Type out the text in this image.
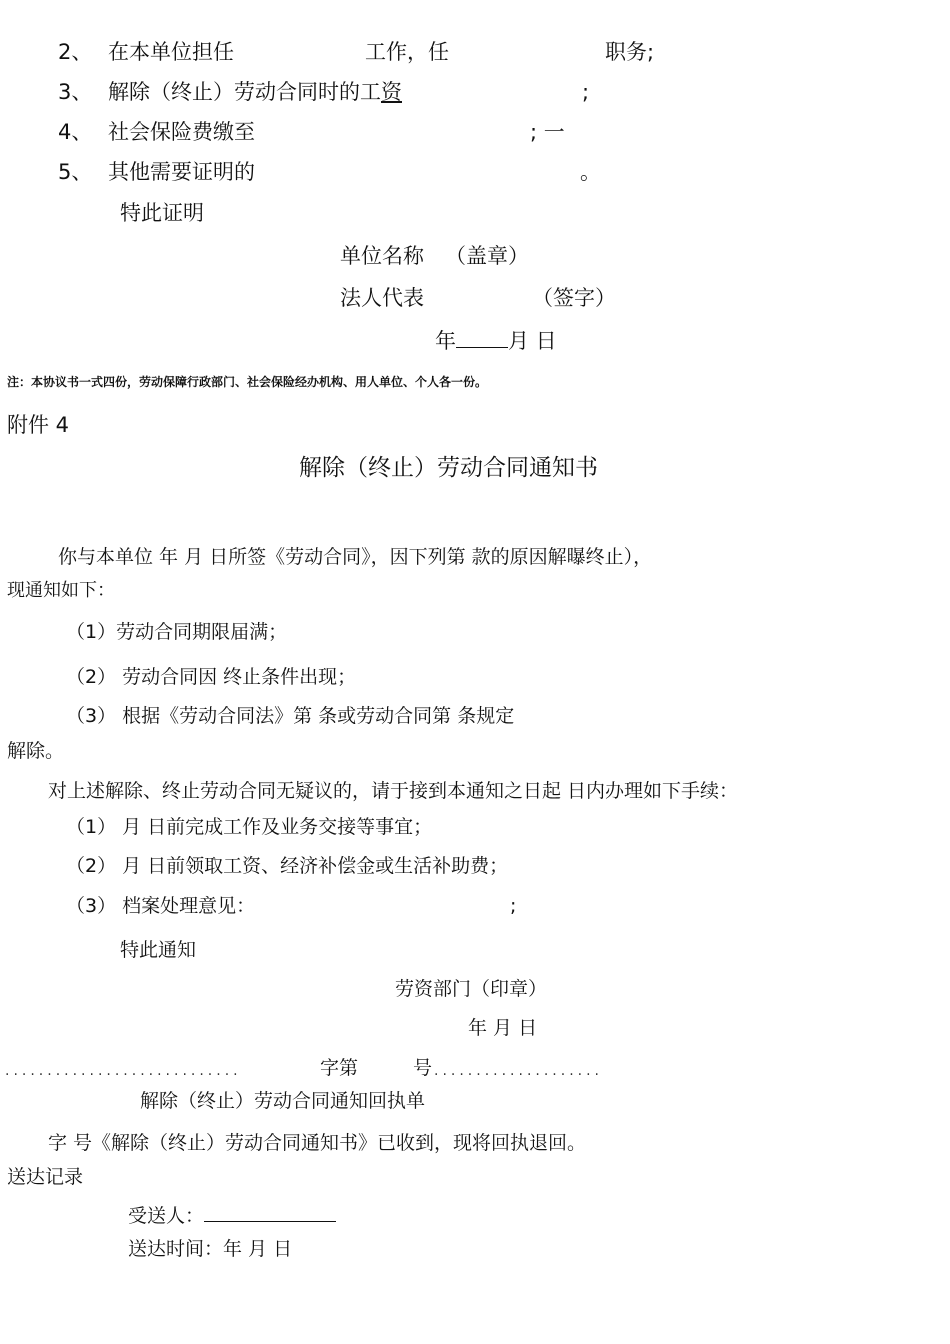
2、 在本单位担任	工作，任	职务;
3、 解除（终止）劳动合同时的工资	;
4、 社会保险费缴至	; 一
5、 其他需要证明的	。
特此证明
单位名称 （盖章）
法人代表	（签字）
年 月 日
注：本协议书一式四份，劳动保障行政部门、社会保险经办机构、用人单位、个人各一份。
附件 4
解除（终止）劳动合同通知书
你与本单位 年 月 日所签《劳动合同》，因下列第 款的原因解曝终止），
现通知如下：
（1）劳动合同期限届满；
（2） 劳动合同因 终止条件出现；
（3） 根据《劳动合同法》第 条或劳动合同第 条规定
解除。
对上述解除、终止劳动合同无疑议的，请于接到本通知之日起 日内办理如下手续：
（1） 月 日前完成工作及业务交接等事宜；
（2） 月 日前领取工资、经济补偿金或生活补助费；
（3） 档案处理意见：	;
特此通知
劳资部门（印章）
年 月 日
............................	字第	号 ....................
解除（终止）劳动合同通知回执单
字 号《解除（终止）劳动合同通知书》已收到，现将回执退回。
送达记录
受送人：
送达时间：年 月 日
